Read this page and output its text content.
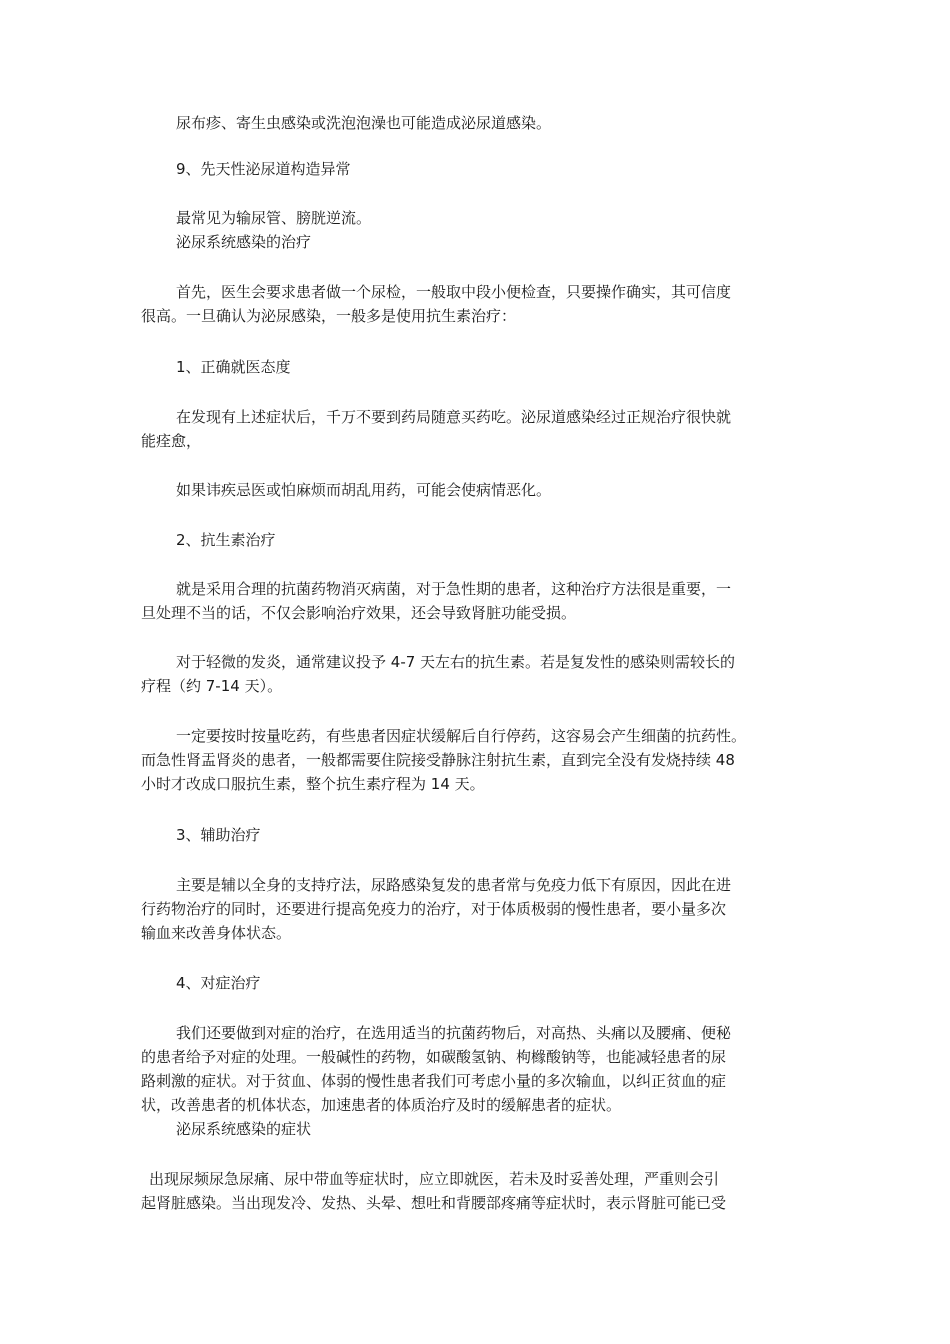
尿布疹、寄生虫感染或洗泡泡澡也可能造成泌尿道感染。
9、先天性泌尿道构造异常
最常见为输尿管、膀胱逆流。
泌尿系统感染的治疗
首先，医生会要求患者做一个尿检，一般取中段小便检查，只要操作确实，其可信度
很高。一旦确认为泌尿感染，一般多是使用抗生素治疗：
1、正确就医态度
在发现有上述症状后，千万不要到药局随意买药吃。泌尿道感染经过正规治疗很快就
能痊愈，
如果讳疾忌医或怕麻烦而胡乱用药，可能会使病情恶化。
2、抗生素治疗
就是采用合理的抗菌药物消灭病菌，对于急性期的患者，这种治疗方法很是重要，一
旦处理不当的话，不仅会影响治疗效果，还会导致肾脏功能受损。
对于轻微的发炎，通常建议投予 4-7 天左右的抗生素。若是复发性的感染则需较长的
疗程（约 7-14 天）。
一定要按时按量吃药，有些患者因症状缓解后自行停药，这容易会产生细菌的抗药性。
而急性肾盂肾炎的患者，一般都需要住院接受静脉注射抗生素，直到完全没有发烧持续 48
小时才改成口服抗生素，整个抗生素疗程为 14 天。
3、辅助治疗
主要是辅以全身的支持疗法，尿路感染复发的患者常与免疫力低下有原因，因此在进
行药物治疗的同时，还要进行提高免疫力的治疗，对于体质极弱的慢性患者，要小量多次
输血来改善身体状态。
4、对症治疗
我们还要做到对症的治疗，在选用适当的抗菌药物后，对高热、头痛以及腰痛、便秘
的患者给予对症的处理。一般碱性的药物，如碳酸氢钠、枸橼酸钠等，也能减轻患者的尿
路刺激的症状。对于贫血、体弱的慢性患者我们可考虑小量的多次输血，以纠正贫血的症
状，改善患者的机体状态，加速患者的体质治疗及时的缓解患者的症状。
泌尿系统感染的症状
出现尿频尿急尿痛、尿中带血等症状时，应立即就医，若未及时妥善处理，严重则会引
起肾脏感染。当出现发冷、发热、头晕、想吐和背腰部疼痛等症状时，表示肾脏可能已受
